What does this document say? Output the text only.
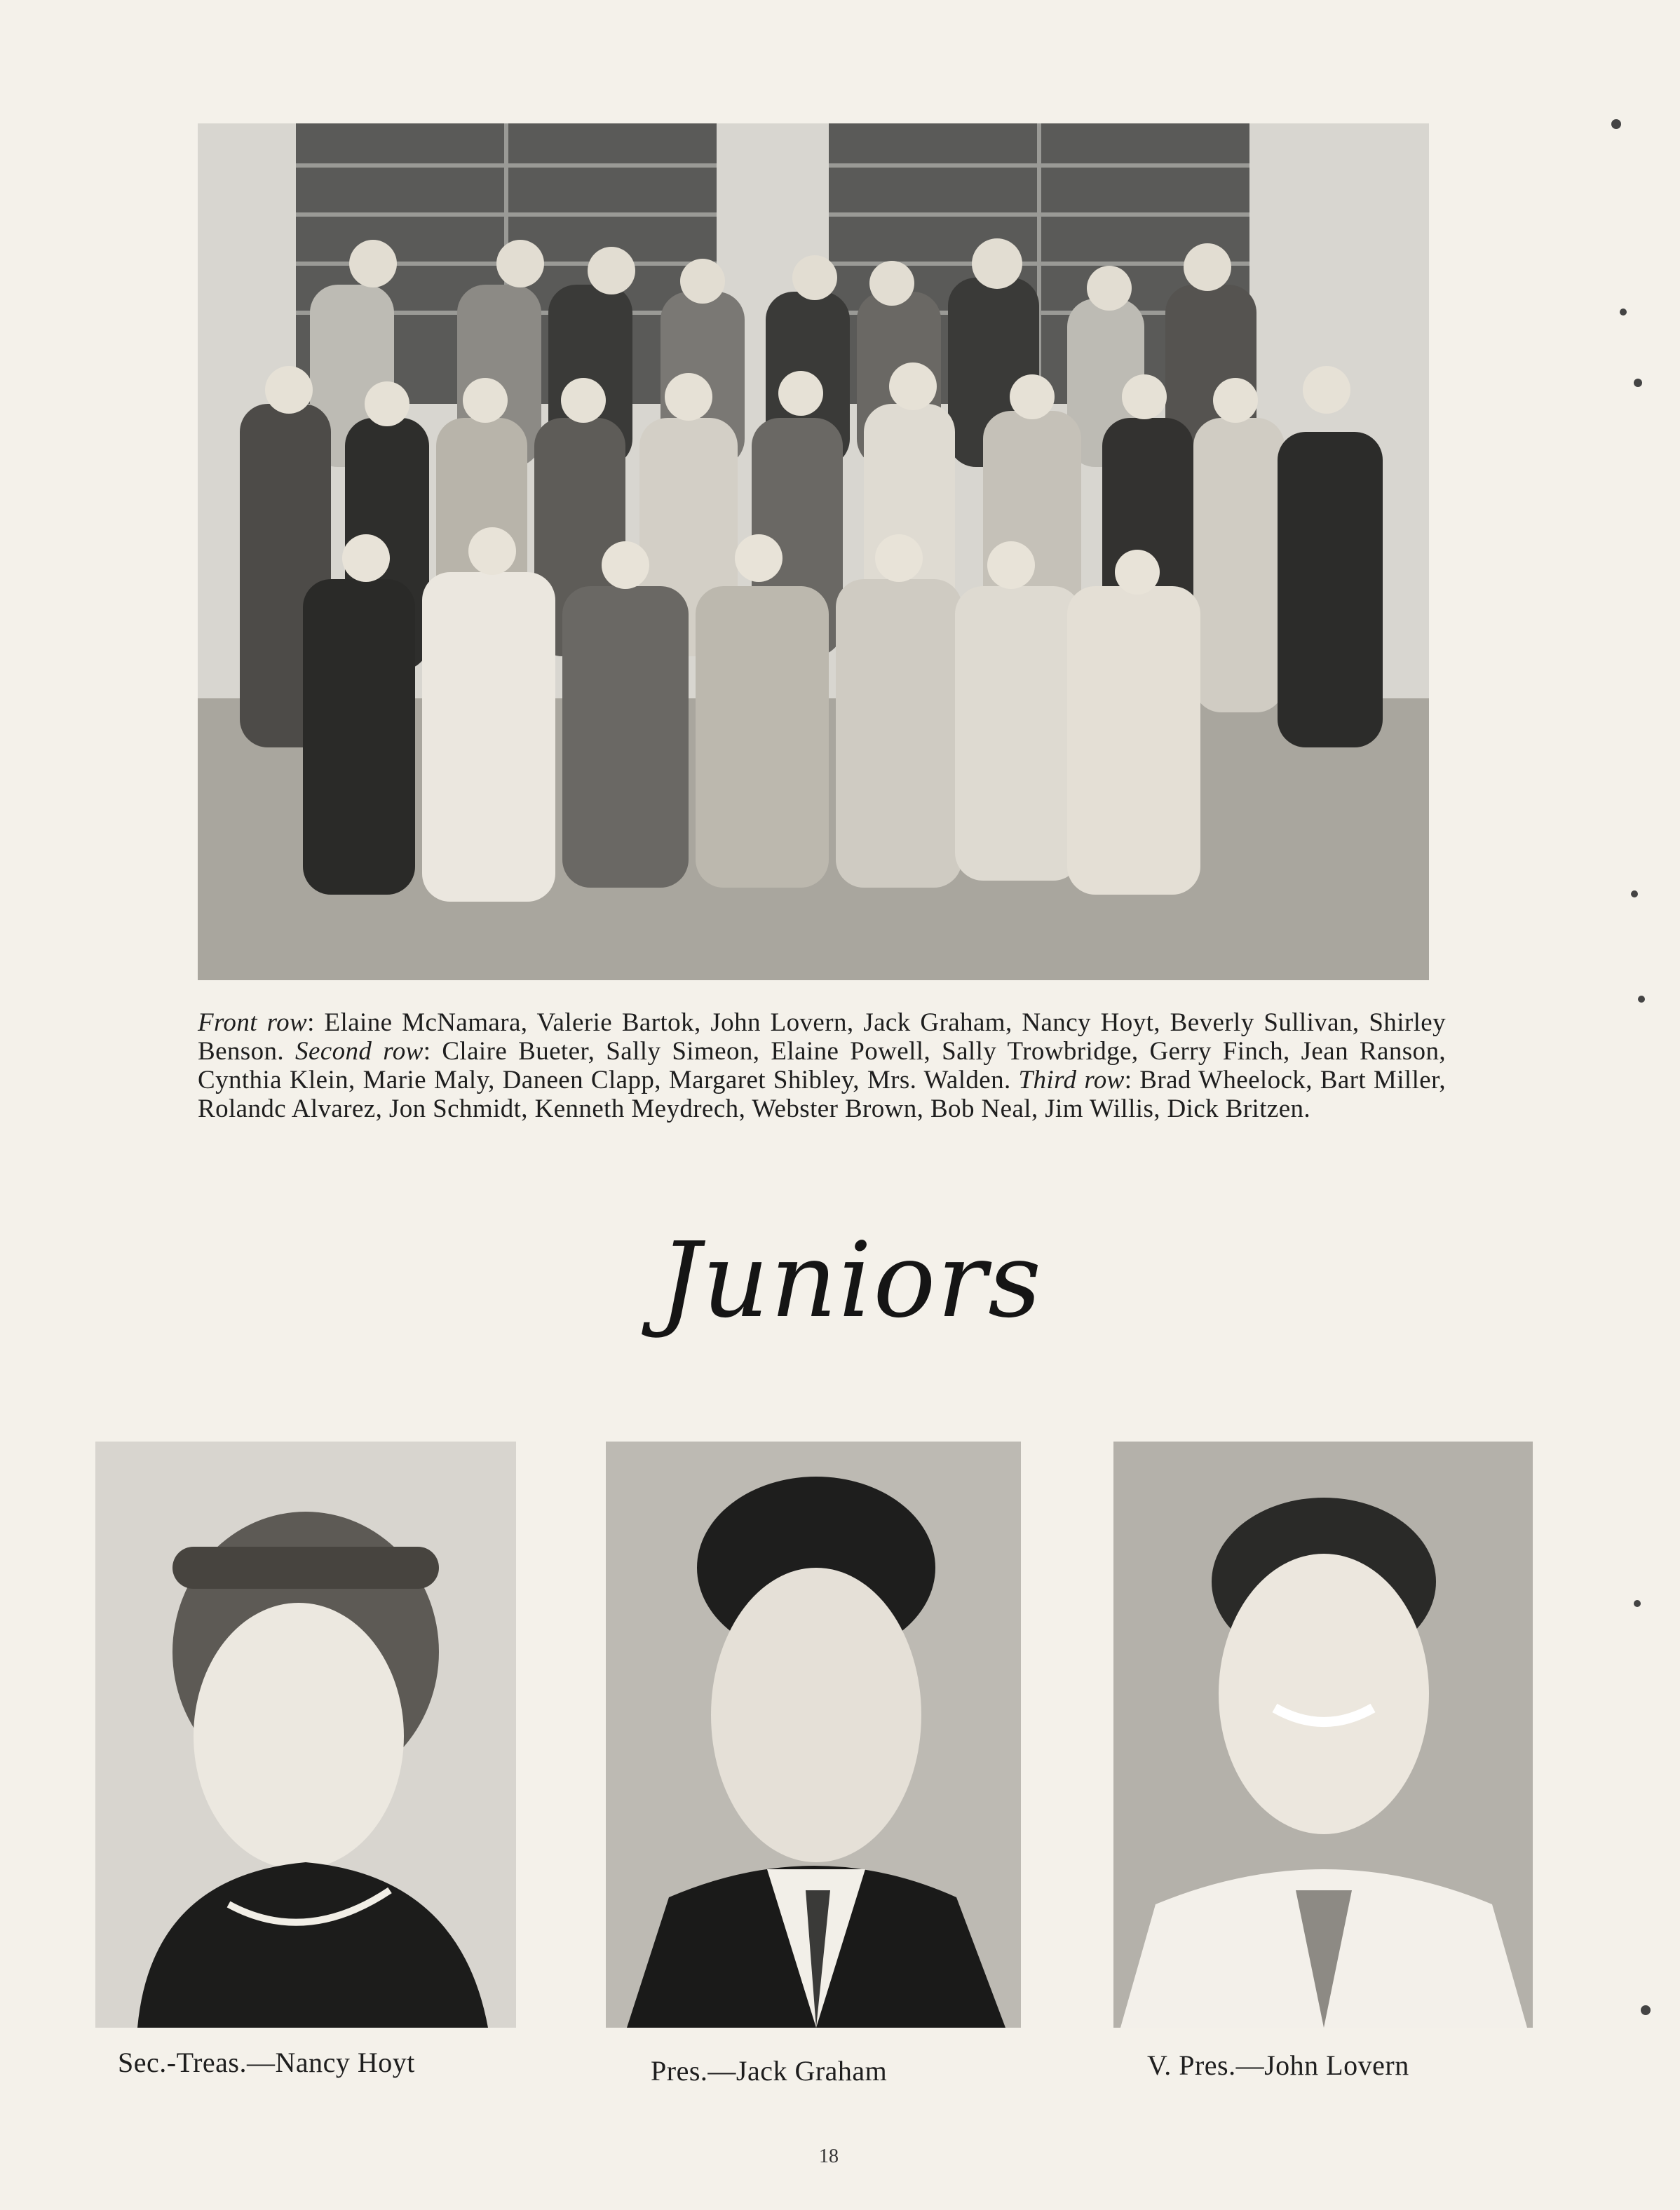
Front row: Elaine McNamara, Valerie Bartok, John Lovern, Jack Graham, Nancy Hoyt, Beverly Sullivan, Shirley Benson. Second row: Claire Bueter, Sally Simeon, Elaine Powell, Sally Trowbridge, Gerry Finch, Jean Ranson, Cynthia Klein, Marie Maly, Daneen Clapp, Margaret Shibley, Mrs. Walden. Third row: Brad Wheelock, Bart Miller, Rolandc Alvarez, Jon Schmidt, Kenneth Meydrech, Webster Brown, Bob Neal, Jim Willis, Dick Britzen.
Juniors
Sec.-Treas.—Nancy Hoyt	Pres.—Jack Graham	V. Pres.—John Lovern
18
